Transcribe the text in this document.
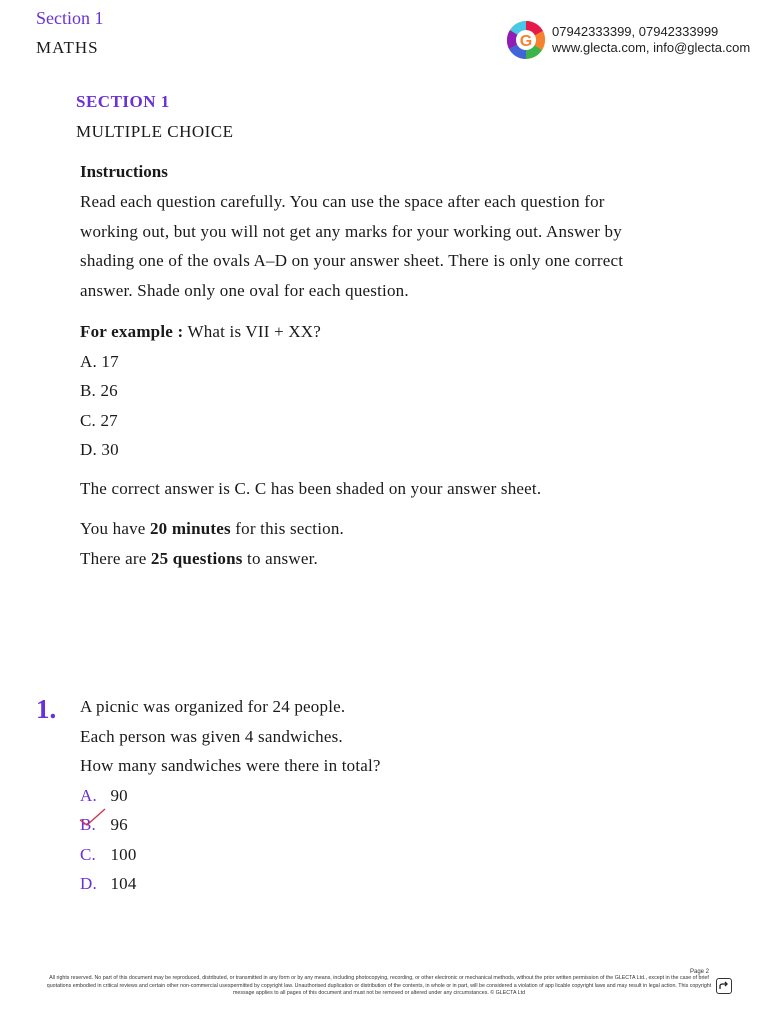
Section 1
MATHS	G
07942333399, 07942333999
www.glecta.com, info@glecta.com
SECTION 1
MULTIPLE CHOICE
Instructions
Read each question carefully. You can use the space after each question for
working out, but you will not get any marks for your working out. Answer by
shading one of the ovals A–D on your answer sheet. There is only one correct
answer. Shade only one oval for each question.
For example : What is VII + XX?
A. 17
B. 26
C. 27
D. 30
The correct answer is C. C has been shaded on your answer sheet.
You have 20 minutes for this section.
There are 25 questions to answer.
1. A picnic was organized for 24 people.
Each person was given 4 sandwiches.
How many sandwiches were there in total?
A. 90
B. 96
C. 100
D. 104
Page 2
All rights reserved. No part of this document may be reproduced, distributed, or transmitted in any form or by any means, including photocopying, recording, or other electronic or mechanical methods, without the prior written permission of the GLECTA Ltd., except in the case of brief quotations embodied in critical reviews and certain other non-commercial usespermitted by copyright law. Unauthorised duplication or distribution of the contents, in whole or in part, will be considered a violation of app licable copyright laws and may result in legal action. This copyright message applies to all pages of this document and must not be removed or altered under any circumstances. © GLECTA Ltd
